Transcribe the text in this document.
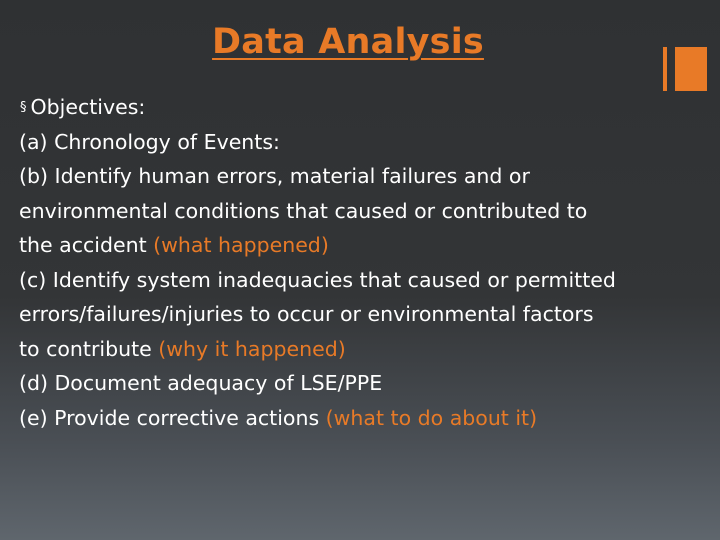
Data Analysis
§ Objectives:
(a) Chronology of Events:
(b) Identify human errors, material failures and or
environmental conditions that caused or contributed to
the accident (what happened)
(c) Identify system inadequacies that caused or permitted
errors/failures/injuries to occur or environmental factors
to contribute (why it happened)
(d) Document adequacy of LSE/PPE
(e) Provide corrective actions (what to do about it)
